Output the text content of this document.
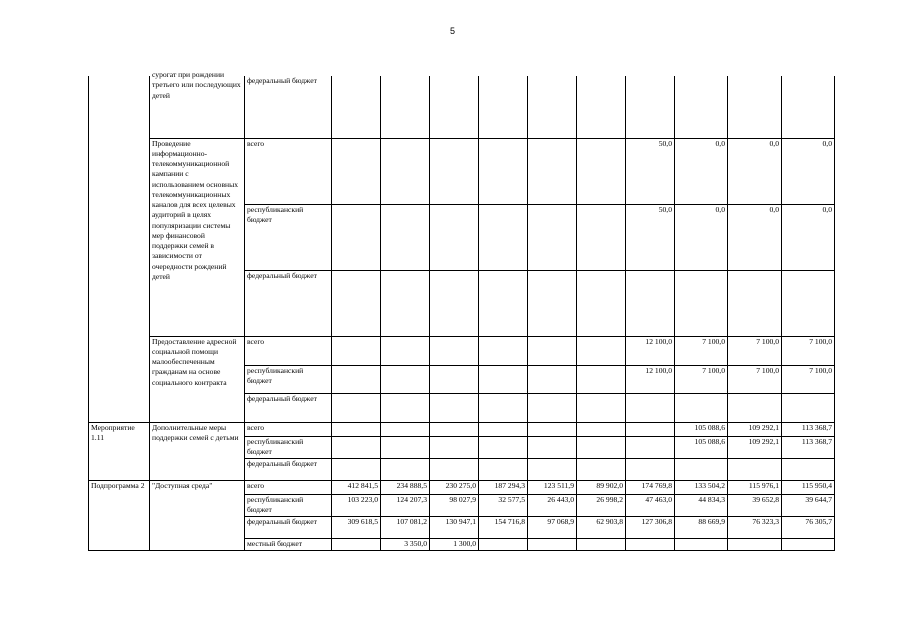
5

	сурогат при рождении третьего или последующих детей	федеральный бюджет										
	Проведение информационно-телекоммуникационной кампании с использованием основных телекоммуникационных каналов для всех целевых аудиторий в целях популяризации системы мер финансовой поддержки семей в зависимости от очередности рождений детей	всего							50,0	0,0	0,0	0,0
		республиканский бюджет							50,0	0,0	0,0	0,0
		федеральный бюджет										
	Предоставление адресной социальной помощи малообеспеченным гражданам на основе социального контракта	всего							12 100,0	7 100,0	7 100,0	7 100,0
		республиканский бюджет							12 100,0	7 100,0	7 100,0	7 100,0
		федеральный бюджет										
Мероприятие 1.11	Дополнительные меры поддержки семей с детьми	всего								105 088,6	109 292,1	113 368,7
		республиканский бюджет								105 088,6	109 292,1	113 368,7
		федеральный бюджет										
Подпрограмма 2	"Доступная среда"	всего	412 841,5	234 888,5	230 275,0	187 294,3	123 511,9	89 902,0	174 769,8	133 504,2	115 976,1	115 950,4
		республиканский бюджет	103 223,0	124 207,3	98 027,9	32 577,5	26 443,0	26 998,2	47 463,0	44 834,3	39 652,8	39 644,7
		федеральный бюджет	309 618,5	107 081,2	130 947,1	154 716,8	97 068,9	62 903,8	127 306,8	88 669,9	76 323,3	76 305,7
		местный бюджет		3 350,0	1 300,0							
